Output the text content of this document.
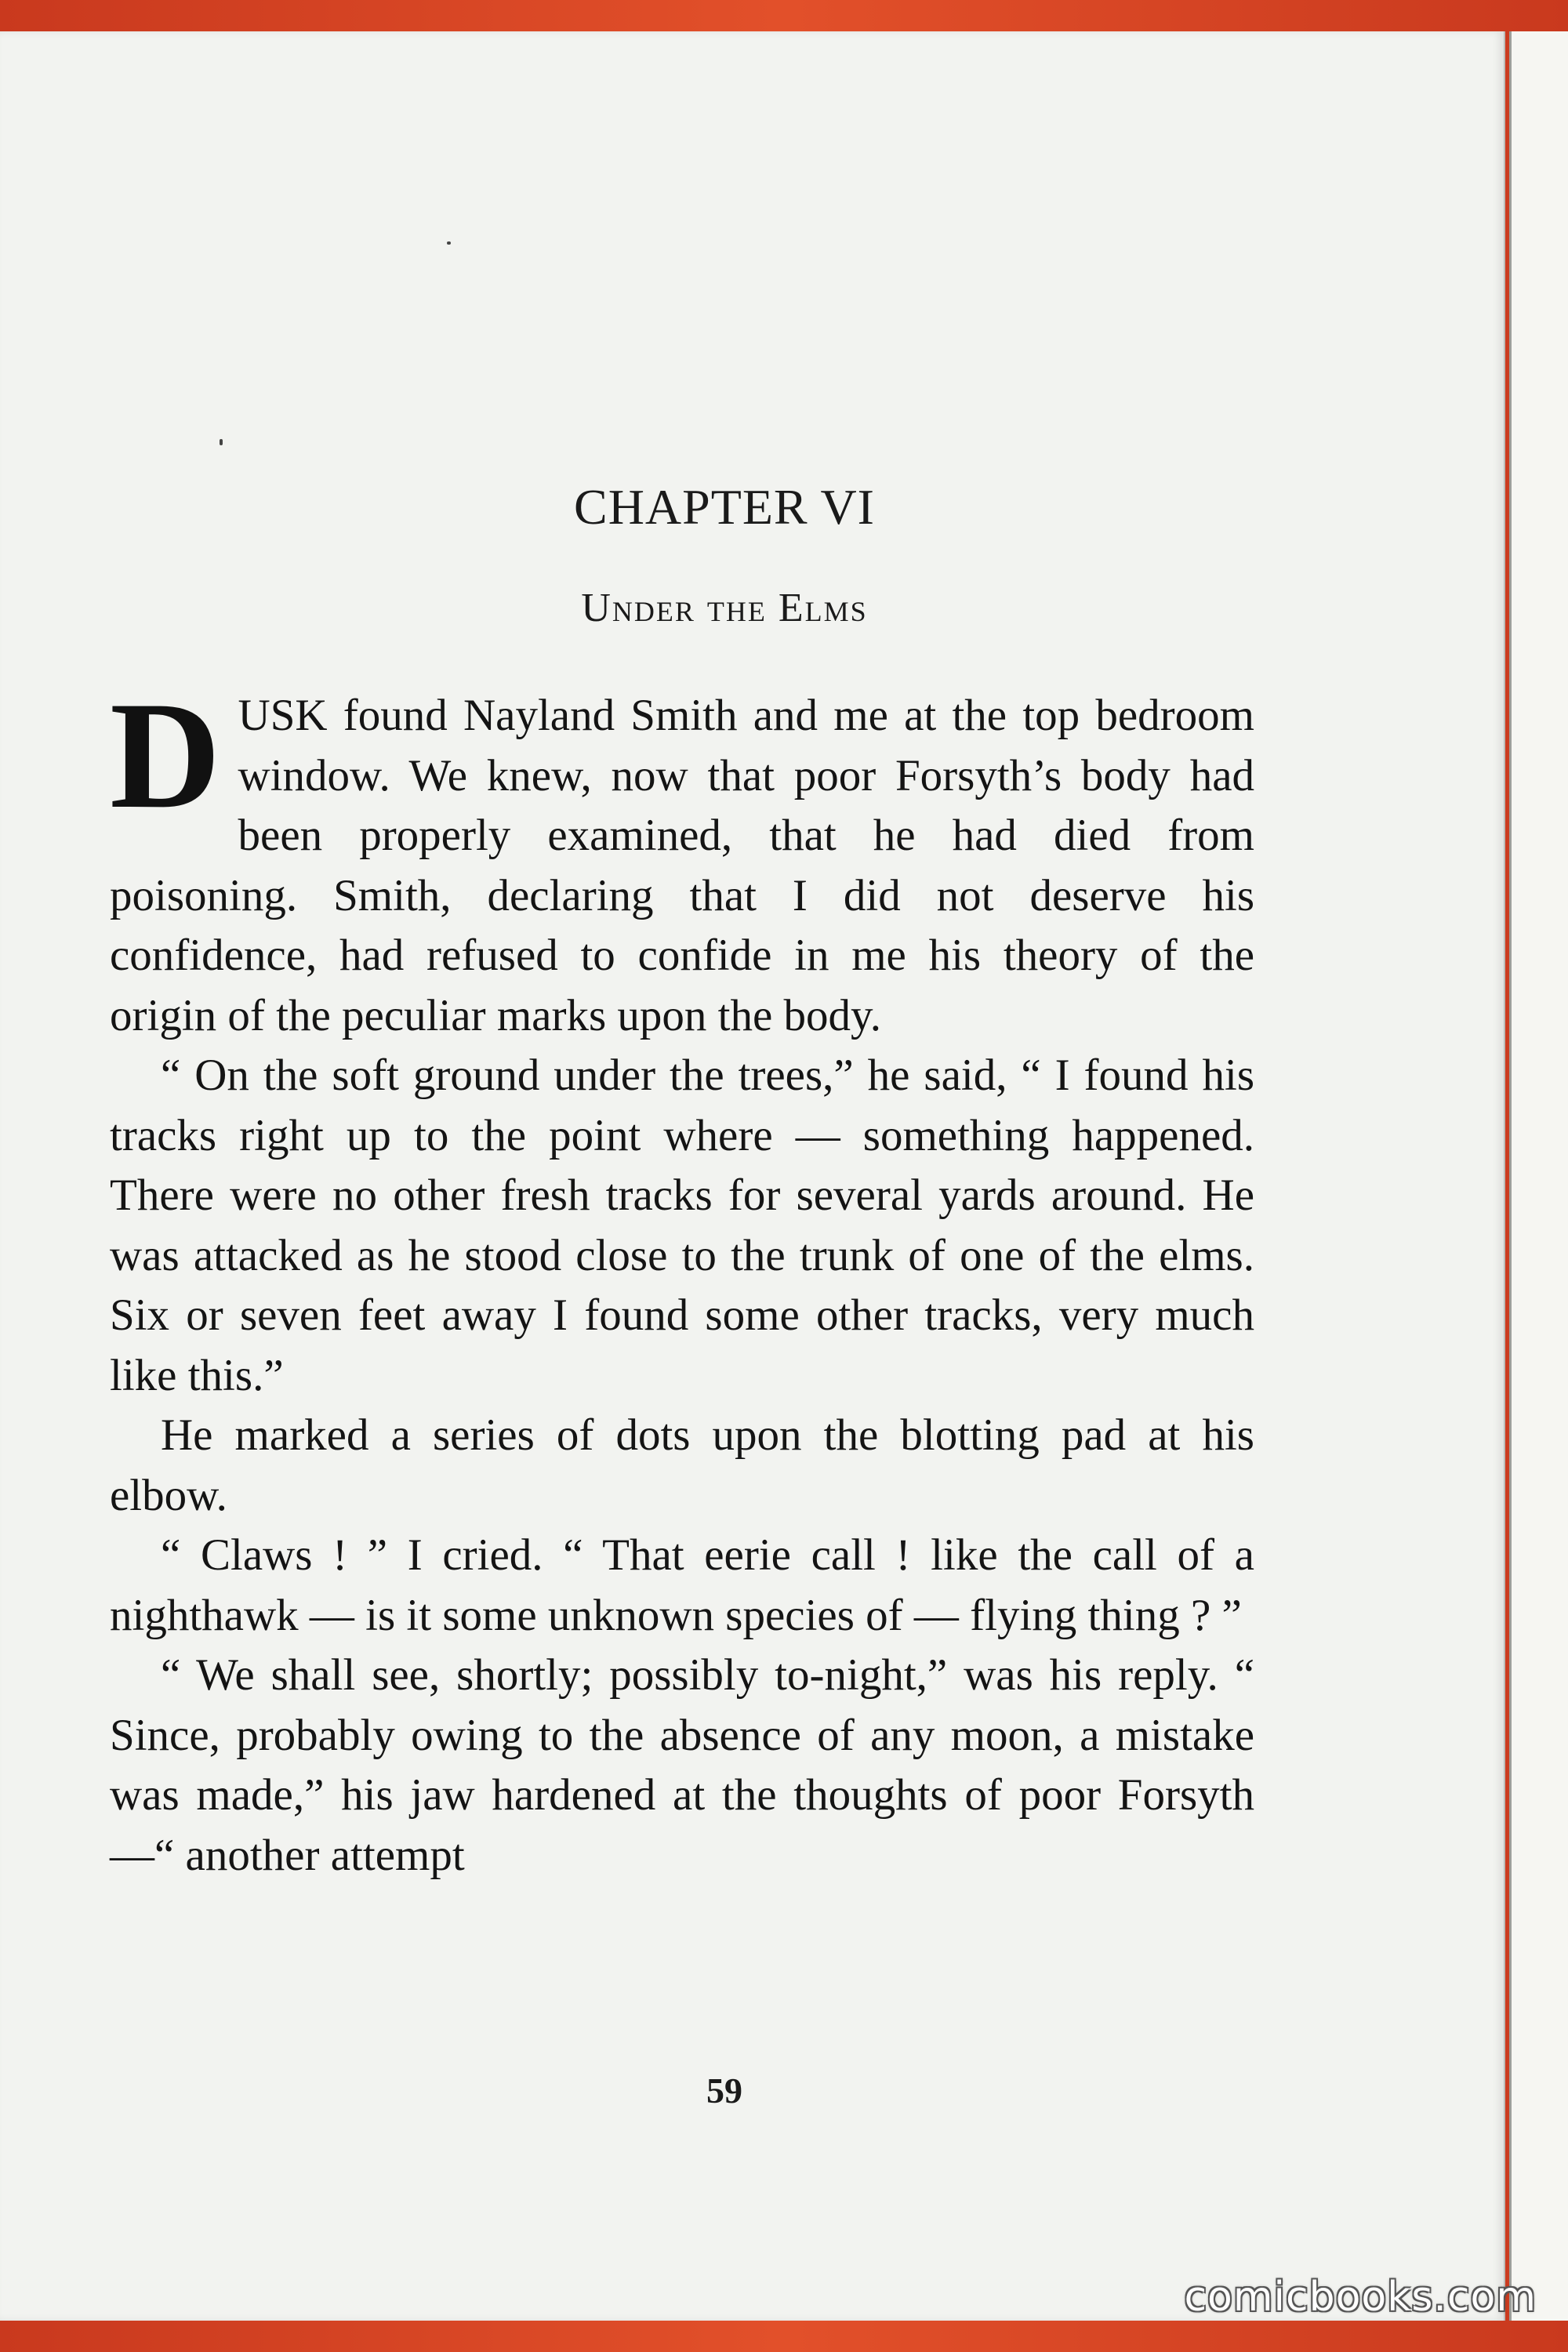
CHAPTER VI
Under the Elms

DUSK found Nayland Smith and me at the top bedroom window. We knew, now that poor Forsyth’s body had been properly examined, that he had died from poisoning. Smith, declaring that I did not deserve his confidence, had refused to confide in me his theory of the origin of the peculiar marks upon the body.

“ On the soft ground under the trees,” he said, “ I found his tracks right up to the point where — something happened. There were no other fresh tracks for several yards around. He was attacked as he stood close to the trunk of one of the elms. Six or seven feet away I found some other tracks, very much like this.”

He marked a series of dots upon the blotting pad at his elbow.

“ Claws ! ” I cried. “ That eerie call ! like the call of a nighthawk — is it some unknown species of — flying thing ? ”

“ We shall see, shortly; possibly to-night,” was his reply. “ Since, probably owing to the absence of any moon, a mistake was made,” his jaw hardened at the thoughts of poor Forsyth —“ another attempt

59
comicbooks.com
